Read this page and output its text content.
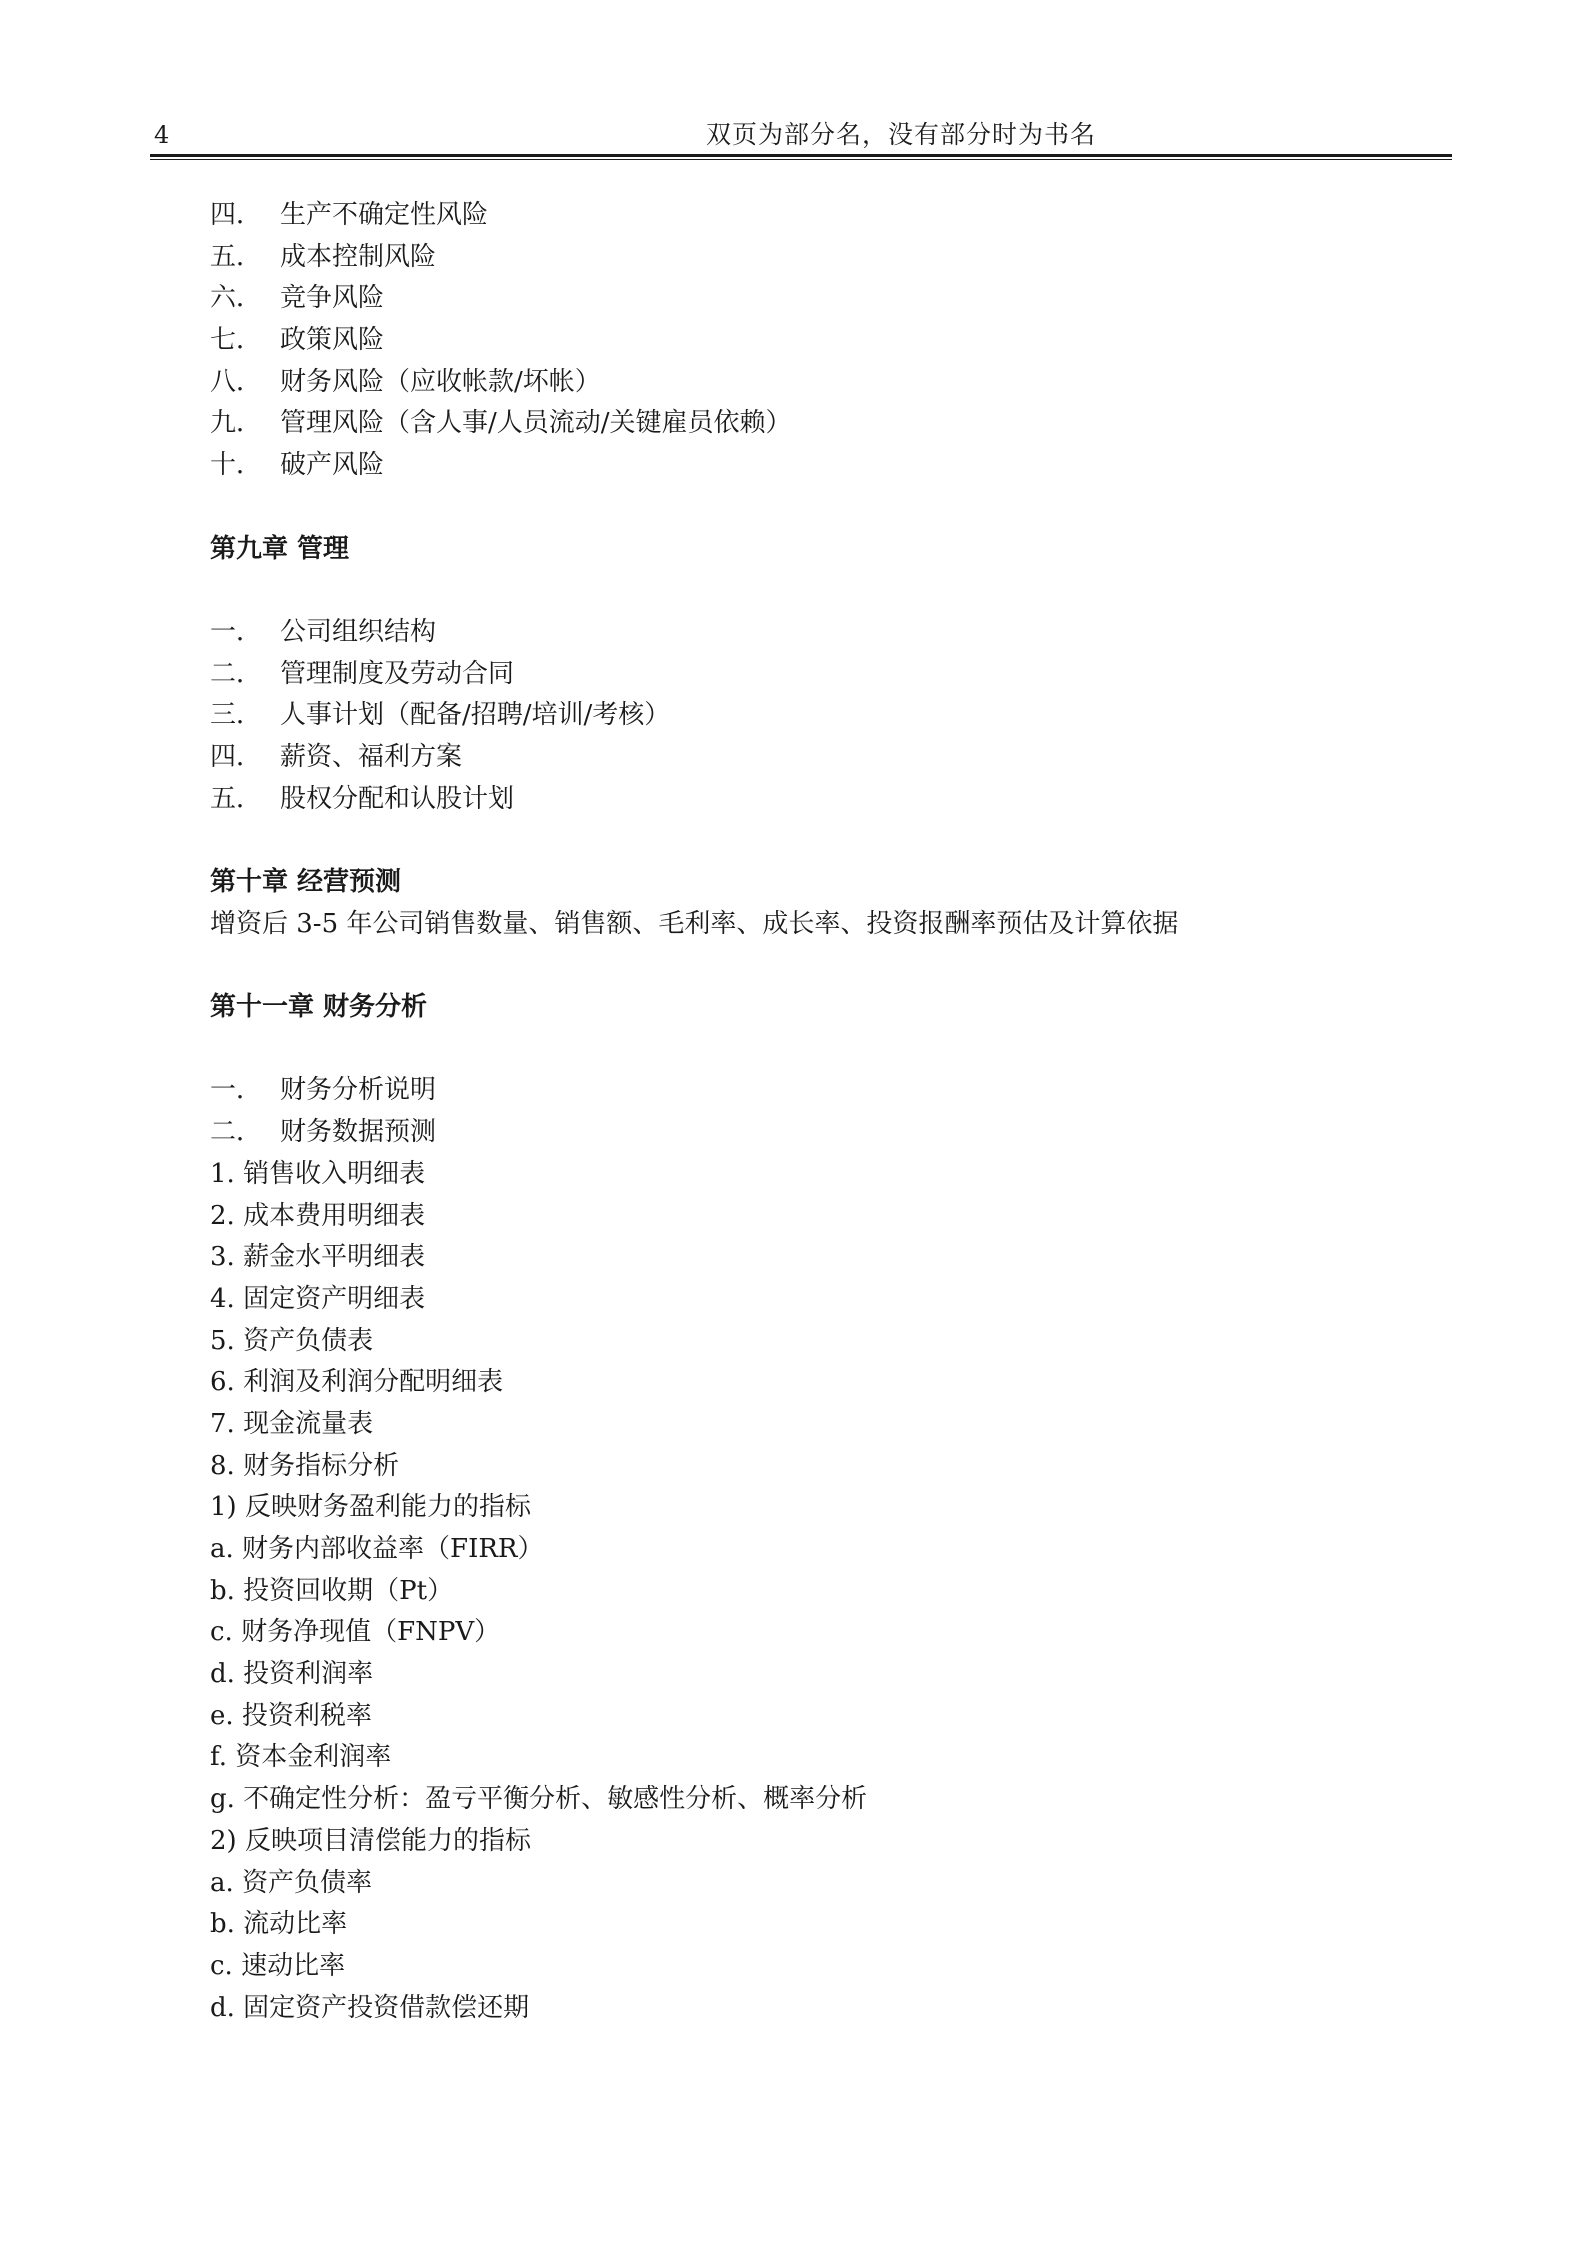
4	双页为部分名，没有部分时为书名
四． 生产不确定性风险
五． 成本控制风险
六． 竞争风险
七． 政策风险
八． 财务风险（应收帐款/坏帐）
九． 管理风险（含人事/人员流动/关键雇员依赖）
十． 破产风险
第九章 管理
一． 公司组织结构
二． 管理制度及劳动合同
三． 人事计划（配备/招聘/培训/考核）
四． 薪资、福利方案
五． 股权分配和认股计划
第十章 经营预测
增资后 3-5 年公司销售数量、销售额、毛利率、成长率、投资报酬率预估及计算依据
第十一章 财务分析
一． 财务分析说明
二． 财务数据预测
1. 销售收入明细表
2. 成本费用明细表
3. 薪金水平明细表
4. 固定资产明细表
5. 资产负债表
6. 利润及利润分配明细表
7. 现金流量表
8. 财务指标分析
1) 反映财务盈利能力的指标
a. 财务内部收益率（FIRR）
b. 投资回收期（Pt）
c. 财务净现值（FNPV）
d. 投资利润率
e. 投资利税率
f. 资本金利润率
g. 不确定性分析：盈亏平衡分析、敏感性分析、概率分析
2) 反映项目清偿能力的指标
a. 资产负债率
b. 流动比率
c. 速动比率
d. 固定资产投资借款偿还期
